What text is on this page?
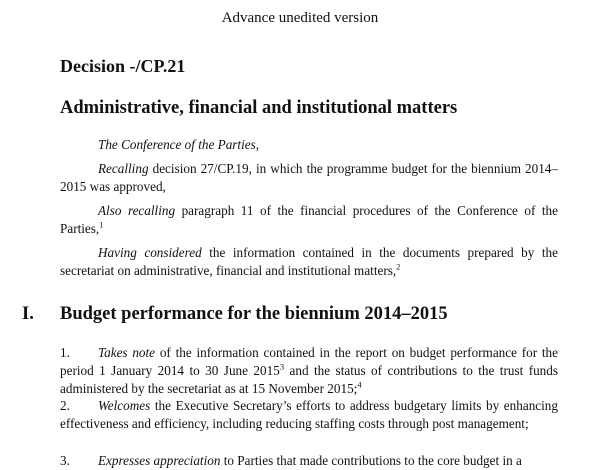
Advance unedited version
Decision -/CP.21
Administrative, financial and institutional matters
The Conference of the Parties,
Recalling decision 27/CP.19, in which the programme budget for the biennium 2014–2015 was approved,
Also recalling paragraph 11 of the financial procedures of the Conference of the Parties,$^1$
Having considered the information contained in the documents prepared by the secretariat on administrative, financial and institutional matters,$^2$
I. Budget performance for the biennium 2014–2015
1. Takes note of the information contained in the report on budget performance for the period 1 January 2014 to 30 June 2015$^3$ and the status of contributions to the trust funds administered by the secretariat as at 15 November 2015;$^4$
2. Welcomes the Executive Secretary’s efforts to address budgetary limits by enhancing effectiveness and efficiency, including reducing staffing costs through post management;
3. Expresses appreciation to Parties that made contributions to the core budget in a
